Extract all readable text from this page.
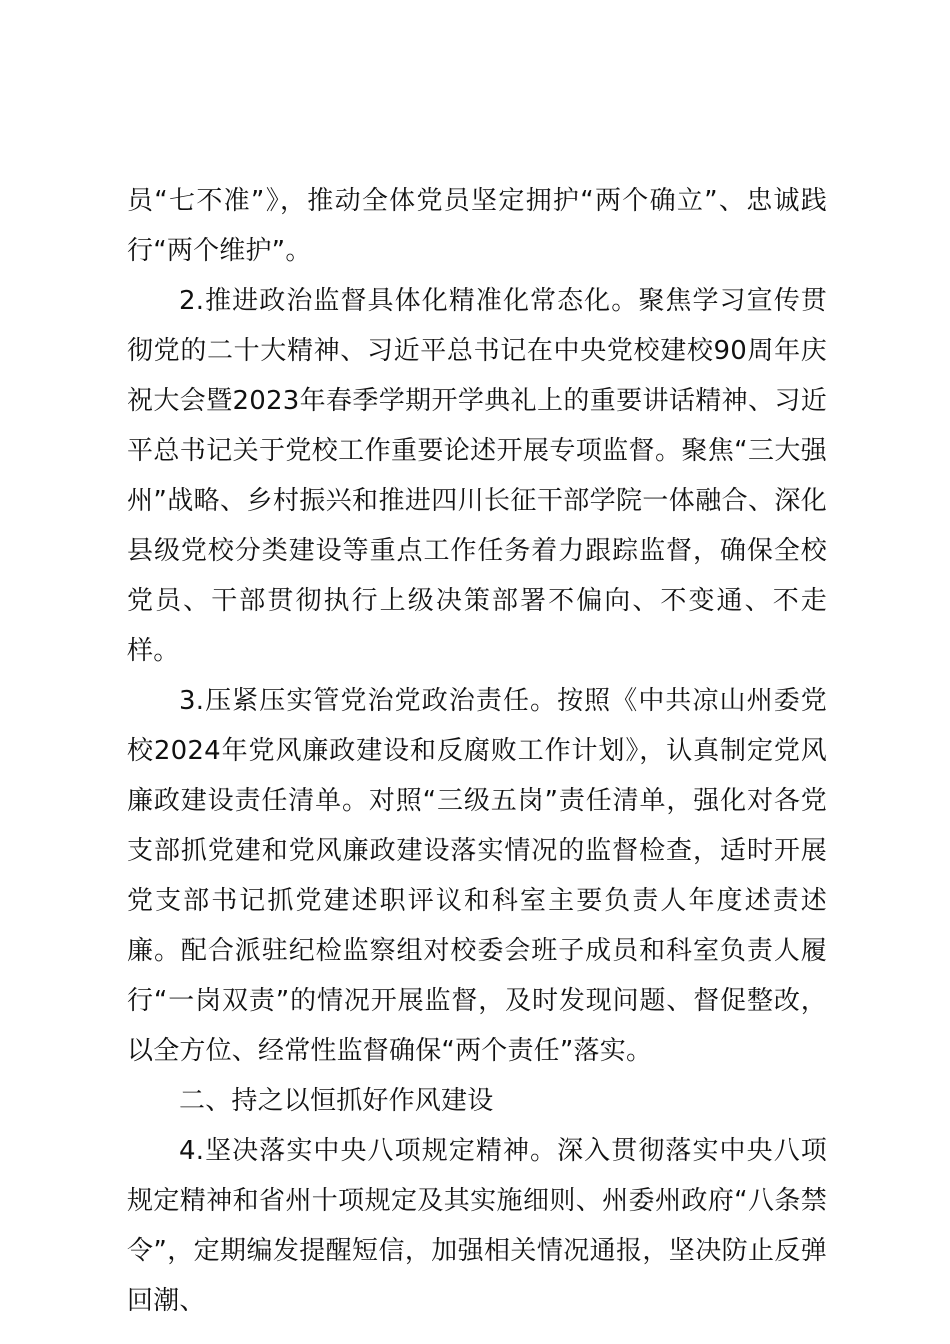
员“七不准”》，推动全体党员坚定拥护“两个确立”、忠诚践行“两个维护”。

2.推进政治监督具体化精准化常态化。聚焦学习宣传贯彻党的二十大精神、习近平总书记在中央党校建校90周年庆祝大会暨2023年春季学期开学典礼上的重要讲话精神、习近平总书记关于党校工作重要论述开展专项监督。聚焦“三大强州”战略、乡村振兴和推进四川长征干部学院一体融合、深化县级党校分类建设等重点工作任务着力跟踪监督，确保全校党员、干部贯彻执行上级决策部署不偏向、不变通、不走样。

3.压紧压实管党治党政治责任。按照《中共凉山州委党校2024年党风廉政建设和反腐败工作计划》，认真制定党风廉政建设责任清单。对照“三级五岗”责任清单，强化对各党支部抓党建和党风廉政建设落实情况的监督检查，适时开展党支部书记抓党建述职评议和科室主要负责人年度述责述廉。配合派驻纪检监察组对校委会班子成员和科室负责人履行“一岗双责”的情况开展监督，及时发现问题、督促整改，以全方位、经常性监督确保“两个责任”落实。

二、持之以恒抓好作风建设

4.坚决落实中央八项规定精神。深入贯彻落实中央八项规定精神和省州十项规定及其实施细则、州委州政府“八条禁令”，定期编发提醒短信，加强相关情况通报，坚决防止反弹回潮、
